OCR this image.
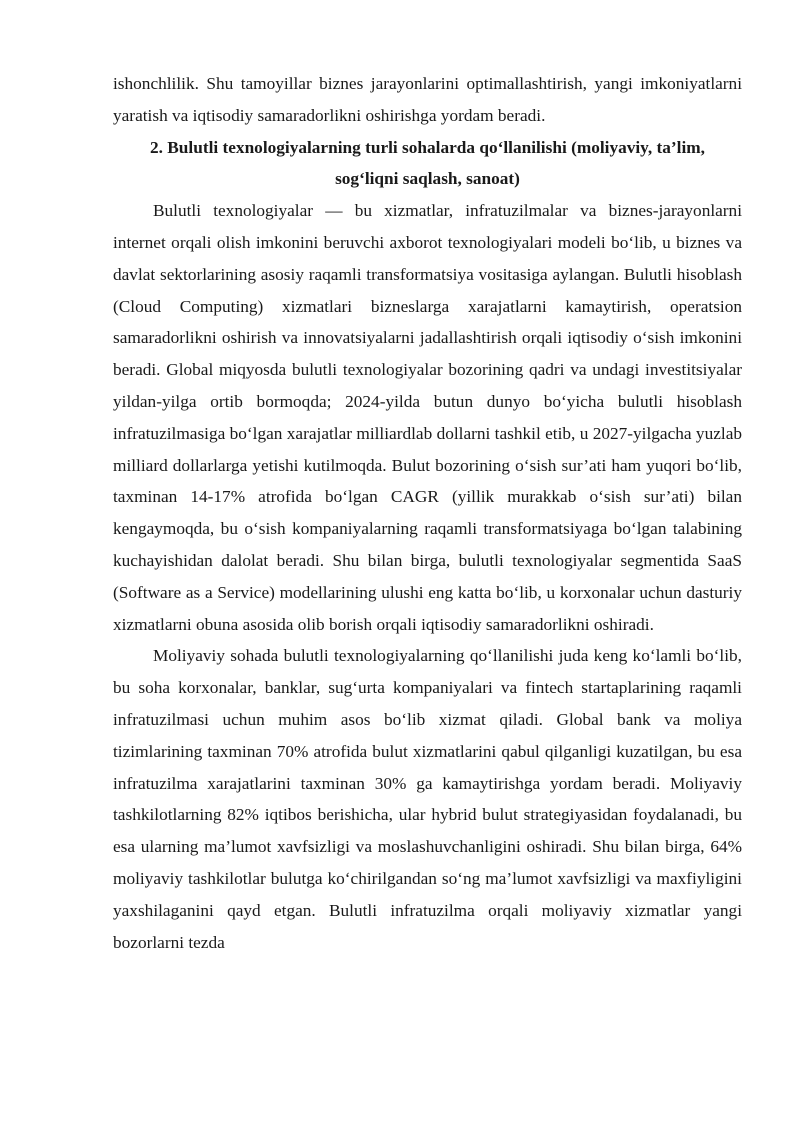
ishonchlilik. Shu tamoyillar biznes jarayonlarini optimallashtirish, yangi imkoniyatlarni yaratish va iqtisodiy samaradorlikni oshirishga yordam beradi.

2. Bulutli texnologiyalarning turli sohalarda qo‘llanilishi (moliyaviy, ta’lim, sog‘liqni saqlash, sanoat)

Bulutli texnologiyalar — bu xizmatlar, infratuzilmalar va biznes-jarayonlarni internet orqali olish imkonini beruvchi axborot texnologiyalari modeli bo‘lib, u biznes va davlat sektorlarining asosiy raqamli transformatsiya vositasiga aylangan. Bulutli hisoblash (Cloud Computing) xizmatlari bizneslarga xarajatlarni kamaytirish, operatsion samaradorlikni oshirish va innovatsiyalarni jadallashtirish orqali iqtisodiy o‘sish imkonini beradi. Global miqyosda bulutli texnologiyalar bozorining qadri va undagi investitsiyalar yildan-yilga ortib bormoqda; 2024-yilda butun dunyo bo‘yicha bulutli hisoblash infratuzilmasiga bo‘lgan xarajatlar milliardlab dollarni tashkil etib, u 2027-yilgacha yuzlab milliard dollarlarga yetishi kutilmoqda. Bulut bozorining o‘sish sur’ati ham yuqori bo‘lib, taxminan 14-17% atrofida bo‘lgan CAGR (yillik murakkab o‘sish sur’ati) bilan kengaymoqda, bu o‘sish kompaniyalarning raqamli transformatsiyaga bo‘lgan talabining kuchayishidan dalolat beradi. Shu bilan birga, bulutli texnologiyalar segmentida SaaS (Software as a Service) modellarining ulushi eng katta bo‘lib, u korxonalar uchun dasturiy xizmatlarni obuna asosida olib borish orqali iqtisodiy samaradorlikni oshiradi.

Moliyaviy sohada bulutli texnologiyalarning qo‘llanilishi juda keng ko‘lamli bo‘lib, bu soha korxonalar, banklar, sug‘urta kompaniyalari va fintech startaplarining raqamli infratuzilmasi uchun muhim asos bo‘lib xizmat qiladi. Global bank va moliya tizimlarining taxminan 70% atrofida bulut xizmatlarini qabul qilganligi kuzatilgan, bu esa infratuzilma xarajatlarini taxminan 30% ga kamaytirishga yordam beradi. Moliyaviy tashkilotlarning 82% iqtibos berishicha, ular hybrid bulut strategiyasidan foydalanadi, bu esa ularning ma’lumot xavfsizligi va moslashuvchanligini oshiradi. Shu bilan birga, 64% moliyaviy tashkilotlar bulutga ko‘chirilgandan so‘ng ma’lumot xavfsizligi va maxfiyligini yaxshilaganini qayd etgan. Bulutli infratuzilma orqali moliyaviy xizmatlar yangi bozorlarni tezda
